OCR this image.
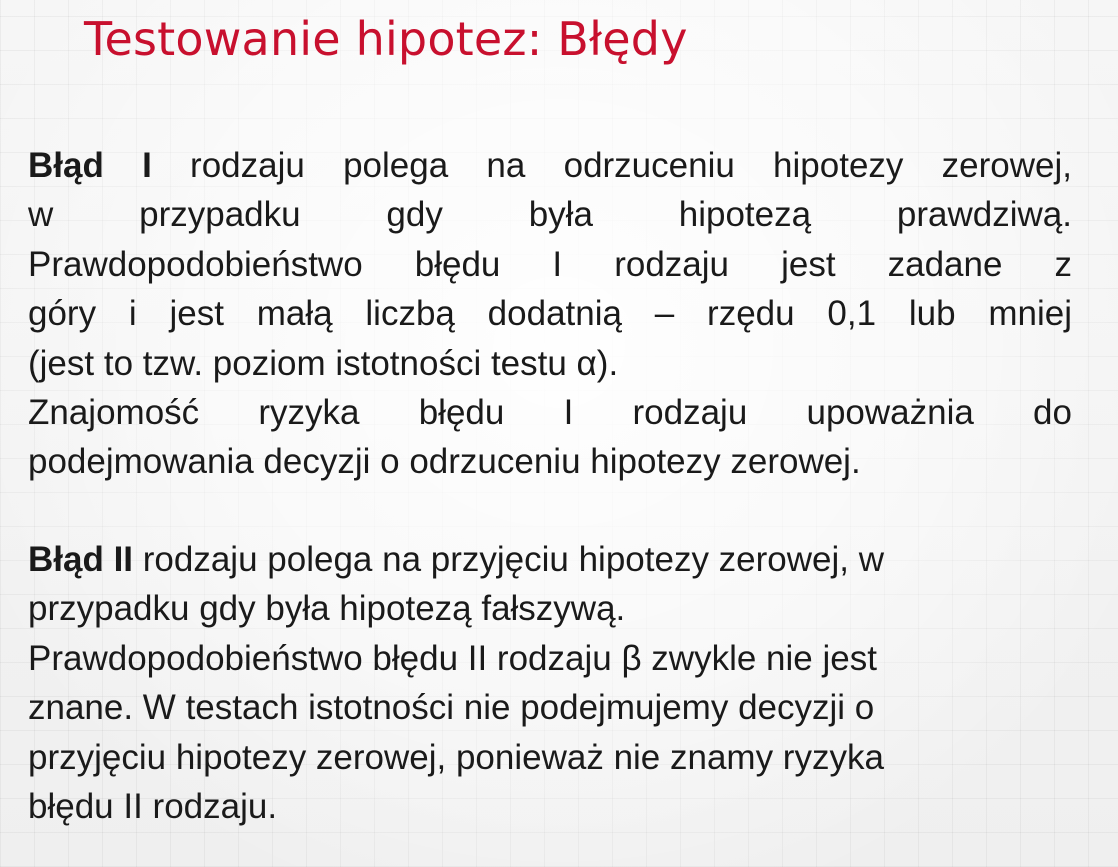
Testowanie hipotez: Błędy
Błąd I rodzaju polega na odrzuceniu hipotezy zerowej,
w przypadku gdy była hipotezą prawdziwą.
Prawdopodobieństwo błędu I rodzaju jest zadane z
góry i jest małą liczbą dodatnią – rzędu 0,1 lub mniej
(jest to tzw. poziom istotności testu α).
Znajomość ryzyka błędu I rodzaju upoważnia do
podejmowania decyzji o odrzuceniu hipotezy zerowej.
Błąd II rodzaju polega na przyjęciu hipotezy zerowej, w
przypadku gdy była hipotezą fałszywą.
Prawdopodobieństwo błędu II rodzaju β zwykle nie jest
znane. W testach istotności nie podejmujemy decyzji o
przyjęciu hipotezy zerowej, ponieważ nie znamy ryzyka
błędu II rodzaju.
